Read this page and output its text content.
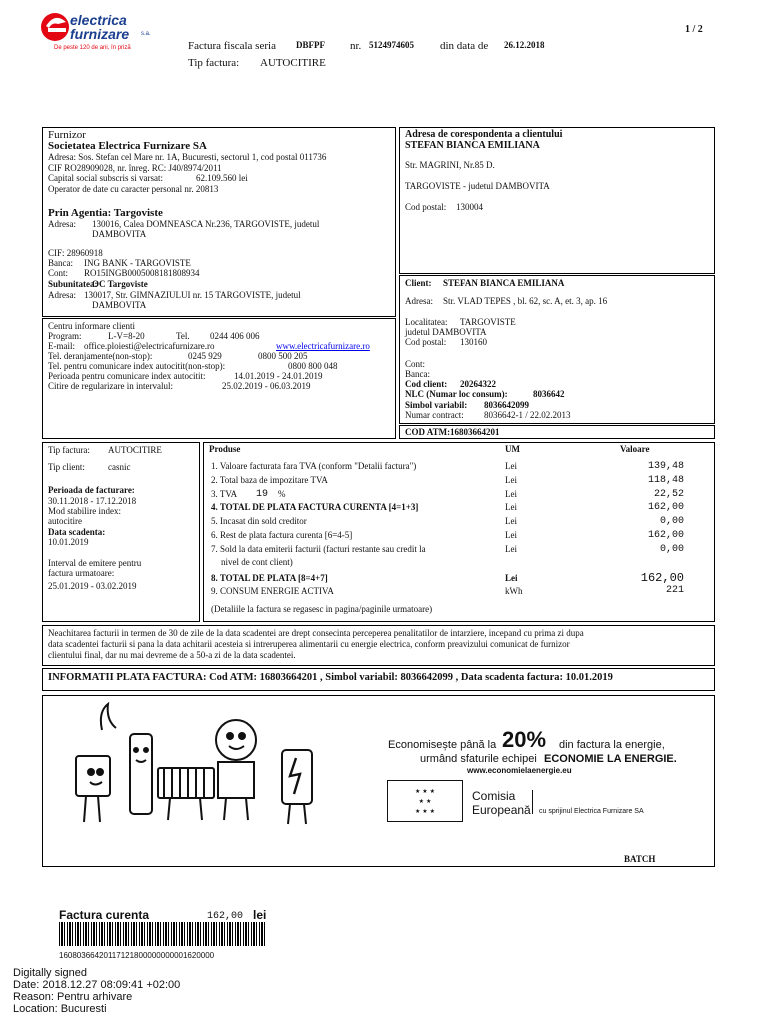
electrica
furnizare s.a.
De peste 120 de ani, în priză
1 / 2
Factura fiscala seria DBFPF nr. 5124974605 din data de 26.12.2018
Tip factura: AUTOCITIRE
Furnizor
Societatea Electrica Furnizare SA
Adresa: Sos. Stefan cel Mare nr. 1A, Bucuresti, sectorul 1, cod postal 011736
CIF RO28909028, nr. înreg. RC: J40/8974/2011
Capital social subscris si varsat:	62.109.560 lei
Operator de date cu caracter personal nr. 20813
Prin Agentia: Targoviste
Adresa: 130016, Calea DOMNEASCA Nr.236, TARGOVISTE, judetul
DAMBOVITA
CIF: 28960918
Banca: ING BANK - TARGOVISTE
Cont: RO15INGB0005008181808934
Subunitatea:
OC Targoviste
Adresa: 130017, Str. GIMNAZIULUI nr. 15 TARGOVISTE, judetul
DAMBOVITA
Adresa de corespondenta a clientului
STEFAN BIANCA EMILIANA
Str. MAGRINI, Nr.85 D.
TARGOVISTE - judetul DAMBOVITA
Cod postal: 130004
Centru informare clienti
Program:	L-V=8-20	Tel. 0244 406 006
E-mail: office.ploiesti@electricafurnizare.ro	www.electricafurnizare.ro
Tel. deranjamente(non-stop):	0245 929	0800 500 205
Tel. pentru comunicare index autocitit(non-stop):	0800 800 048
Perioada pentru comunicare index autocitit:	14.01.2019 - 24.01.2019
Citire de regularizare in intervalul:	25.02.2019 - 06.03.2019
Client: STEFAN BIANCA EMILIANA
Adresa: Str. VLAD TEPES , bl. 62, sc. A, et. 3, ap. 16
Localitatea: TARGOVISTE
judetul DAMBOVITA
Cod postal: 130160
Cont:
Banca:
Cod client: 20264322
NLC (Numar loc consum):	8036642
Simbol variabil: 8036642099
Numar contract: 8036642-1 / 22.02.2013
COD ATM: 16803664201
Tip factura: AUTOCITIRE
Tip client:	casnic
Perioada de facturare:
30.11.2018 - 17.12.2018
Mod stabilire index:
autocitire
Data scadenta:
10.01.2019
Interval de emitere pentru
factura urmatoare:
25.01.2019 - 03.02.2019
Produse	UM	Valoare
1. Valoare facturata fara TVA (conform "Detalii factura")	Lei	139,48
2. Total baza de impozitare TVA	Lei	118,48
3. TVA 19 %	Lei	22,52
4. TOTAL DE PLATA FACTURA CURENTA [4=1+3]	Lei	162,00
5. Incasat din sold creditor	Lei	0,00
6. Rest de plata factura curenta [6=4-5]	Lei	162,00
7. Sold la data emiterii facturii (facturi restante sau credit la
nivel de cont client)
Lei	0,00
8. TOTAL DE PLATA [8=4+7]	Lei	162,00
9. CONSUM ENERGIE ACTIVA	kWh	221
(Detaliile la factura se regasesc in pagina/paginile urmatoare)
Neachitarea facturii in termen de 30 de zile de la data scadentei are drept consecinta perceperea penalitatilor de intarziere, incepand cu prima zi dupa
data scadentei facturii si pana la data achitarii acesteia si intreruperea alimentarii cu energie electrica, conform preavizului comunicat de furnizor
clientului final, dar nu mai devreme de a 50-a zi de la data scadentei.
INFORMATII PLATA FACTURA: Cod ATM: 16803664201 , Simbol variabil: 8036642099 , Data scadenta factura: 10.01.2019
Economisește până la 20% din factura la energie,
urmând sfaturile echipei ECONOMIE LA ENERGIE.
www.economielaenergie.eu
★ ★ ★
★ ★
★ ★ ★
Comisia
Europeană cu sprijinul Electrica Furnizare SA
BATCH
Factura curenta	162,00 lei
16080366420117121800000000001620000
Digitally signed
Date: 2018.12.27 08:09:41 +02:00
Reason: Pentru arhivare
Location: Bucuresti
